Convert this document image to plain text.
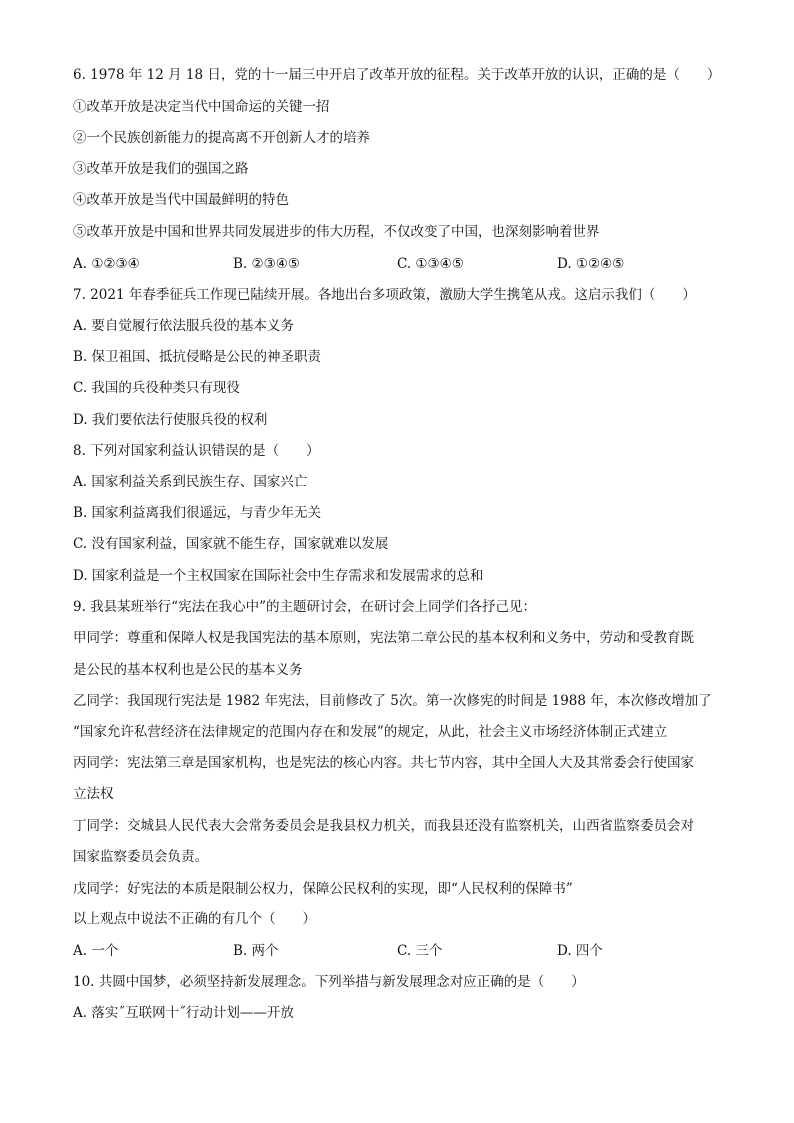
6. 1978 年 12 月 18 日，党的十一届三中开启了改革开放的征程。关于改革开放的认识，正确的是（　　）
①改革开放是决定当代中国命运的关键一招
②一个民族创新能力的提高离不开创新人才的培养
③改革开放是我们的强国之路
④改革开放是当代中国最鲜明的特色
⑤改革开放是中国和世界共同发展进步的伟大历程，不仅改变了中国，也深刻影响着世界
A. ①②③④	B. ②③④⑤	C. ①③④⑤	D. ①②④⑤
7. 2021 年春季征兵工作现已陆续开展。各地出台多项政策，激励大学生携笔从戎。这启示我们（　　）
A. 要自觉履行依法服兵役的基本义务
B. 保卫祖国、抵抗侵略是公民的神圣职责
C. 我国的兵役种类只有现役
D. 我们要依法行使服兵役的权利
8. 下列对国家利益认识错误的是（　　）
A. 国家利益关系到民族生存、国家兴亡
B. 国家利益离我们很遥远，与青少年无关
C. 没有国家利益，国家就不能生存，国家就难以发展
D. 国家利益是一个主权国家在国际社会中生存需求和发展需求的总和
9. 我县某班举行“宪法在我心中”的主题研讨会，在研讨会上同学们各抒己见：
甲同学：尊重和保障人权是我国宪法的基本原则，宪法第二章公民的基本权利和义务中，劳动和受教育既
是公民的基本权利也是公民的基本义务
乙同学：我国现行宪法是 1982 年宪法，目前修改了 5次。第一次修宪的时间是 1988 年，本次修改增加了
“国家允许私营经济在法律规定的范围内存在和发展”的规定，从此，社会主义市场经济体制正式建立
丙同学：宪法第三章是国家机构，也是宪法的核心内容。共七节内容，其中全国人大及其常委会行使国家
立法权
丁同学：交城县人民代表大会常务委员会是我县权力机关，而我县还没有监察机关，山西省监察委员会对
国家监察委员会负责。
戊同学：好宪法的本质是限制公权力，保障公民权利的实现，即“人民权利的保障书”
以上观点中说法不正确的有几个（　　）
A. 一个	B. 两个	C. 三个	D. 四个
10. 共圆中国梦，必须坚持新发展理念。下列举措与新发展理念对应正确的是（　　）
A. 落实˝互联网十˝行动计划——开放
